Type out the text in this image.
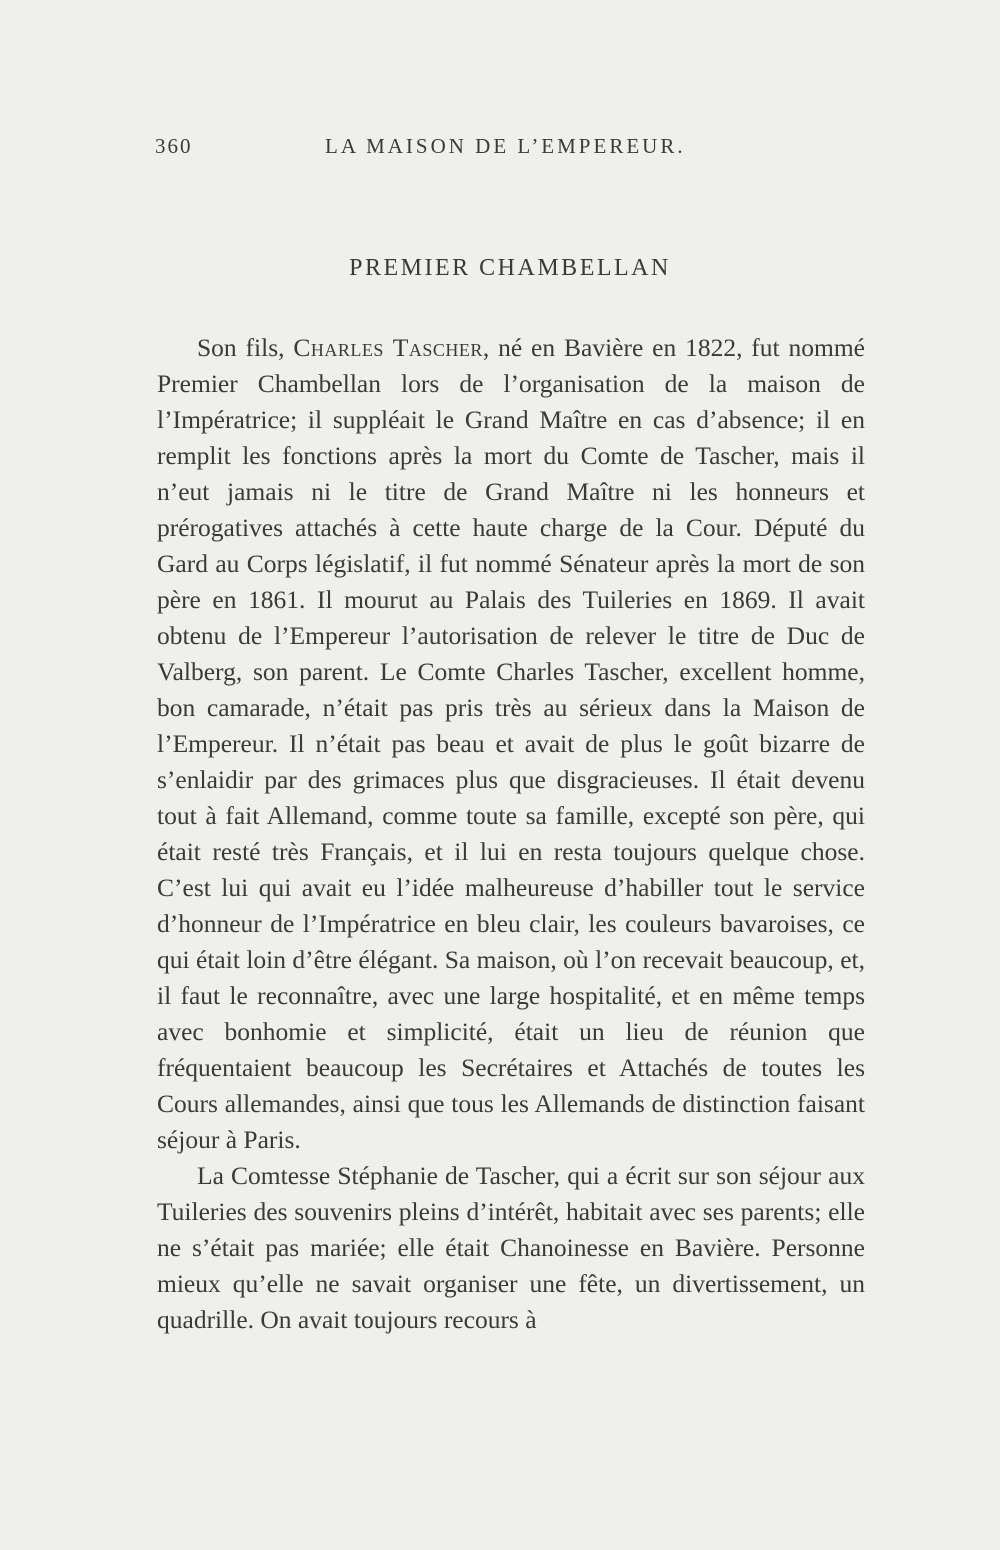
360	LA MAISON DE L’EMPEREUR.
PREMIER CHAMBELLAN

Son fils, Charles Tascher, né en Bavière en 1822, fut nommé Premier Chambellan lors de l’organisation de la maison de l’Impératrice; il suppléait le Grand Maître en cas d’absence; il en remplit les fonctions après la mort du Comte de Tascher, mais il n’eut jamais ni le titre de Grand Maître ni les honneurs et prérogatives attachés à cette haute charge de la Cour. Député du Gard au Corps législatif, il fut nommé Sénateur après la mort de son père en 1861. Il mourut au Palais des Tuileries en 1869. Il avait obtenu de l’Empereur l’autorisation de relever le titre de Duc de Valberg, son parent. Le Comte Charles Tascher, excellent homme, bon camarade, n’était pas pris très au sérieux dans la Maison de l’Empereur. Il n’était pas beau et avait de plus le goût bizarre de s’enlaidir par des grimaces plus que disgracieuses. Il était devenu tout à fait Allemand, comme toute sa famille, excepté son père, qui était resté très Français, et il lui en resta toujours quelque chose. C’est lui qui avait eu l’idée malheureuse d’habiller tout le service d’honneur de l’Impératrice en bleu clair, les couleurs bavaroises, ce qui était loin d’être élégant. Sa maison, où l’on recevait beaucoup, et, il faut le reconnaître, avec une large hospitalité, et en même temps avec bonhomie et simplicité, était un lieu de réunion que fréquentaient beaucoup les Secrétaires et Attachés de toutes les Cours allemandes, ainsi que tous les Allemands de distinction faisant séjour à Paris.

La Comtesse Stéphanie de Tascher, qui a écrit sur son séjour aux Tuileries des souvenirs pleins d’intérêt, habitait avec ses parents; elle ne s’était pas mariée; elle était Chanoinesse en Bavière. Personne mieux qu’elle ne savait organiser une fête, un divertissement, un quadrille. On avait toujours recours à
